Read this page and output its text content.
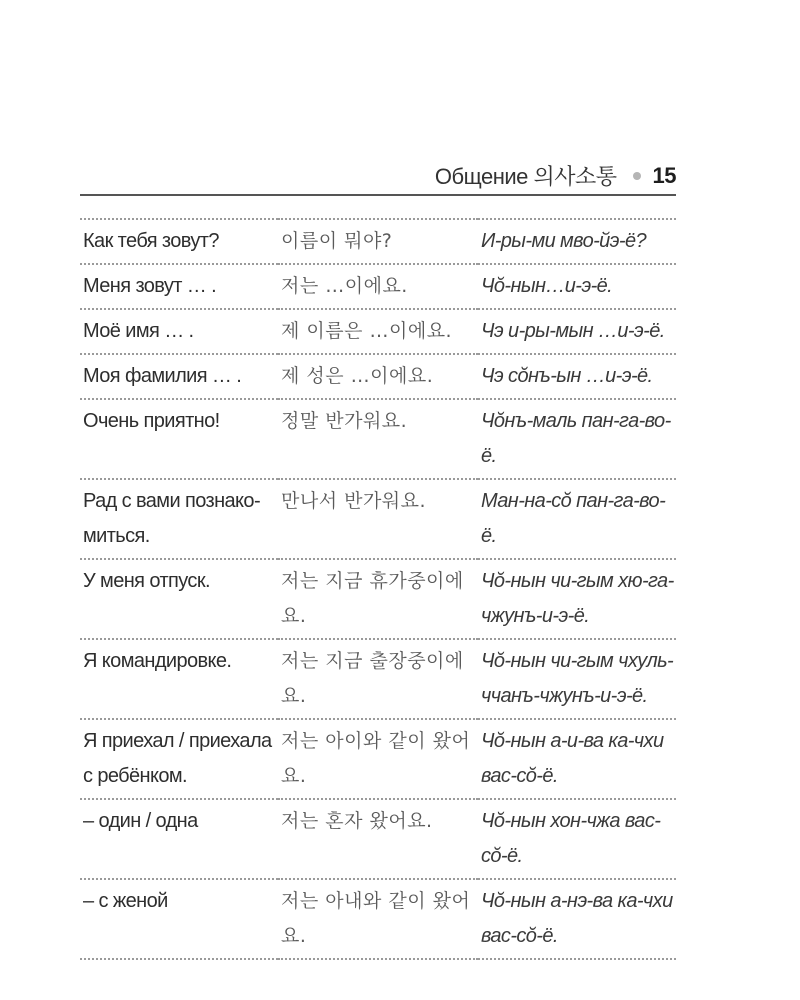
Общение 의사소통 15
Как тебя зовут?	이름이 뭐야?	И-ры-ми мво-йэ-ё?
Меня зовут … .	저는 …이에요.	Чŏ-нын…и-э-ё.
Моё имя … .	제 이름은 …이에요.	Чэ и-ры-мын …и-э-ё.
Моя фамилия … .	제 성은 …이에요.	Чэ сŏнъ-ын …и-э-ё.
Очень приятно!	정말 반가워요.	Чŏнъ-маль пан-га-во-ё.
Рад с вами познако-миться.	만나서 반가워요.	Ман-на-сŏ пан-га-во-ё.
У меня отпуск.	저는 지금 휴가중이에요.	Чŏ-нын чи-гым хю-га-чжунъ-и-э-ё.
Я командировке.	저는 지금 출장중이에요.	Чŏ-нын чи-гым чхуль-ччанъ-чжунъ-и-э-ё.
Я приехал / приехала с ребёнком.	저는 아이와 같이 왔어요.	Чŏ-нын а-и-ва ка-чхи вас-сŏ-ё.
– один / одна	저는 혼자 왔어요.	Чŏ-нын хон-чжа вас-сŏ-ё.
– с женой	저는 아내와 같이 왔어요.	Чŏ-нын а-нэ-ва ка-чхи вас-сŏ-ё.
